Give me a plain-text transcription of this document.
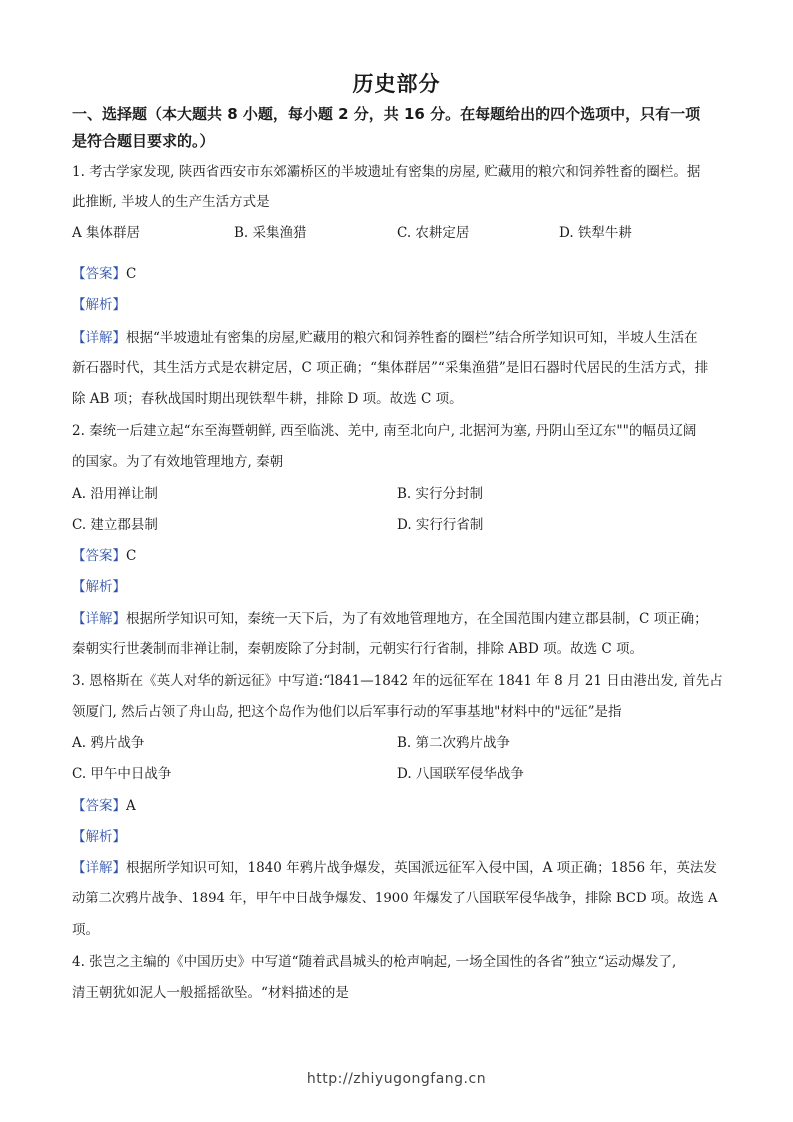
历史部分
一、选择题（本大题共 8 小题，每小题 2 分，共 16 分。在每题给出的四个选项中，只有一项
是符合题目要求的。）
1. 考古学家发现, 陕西省西安市东郊灞桥区的半坡遗址有密集的房屋, 贮藏用的粮穴和饲养牲畜的圈栏。据
此推断, 半坡人的生产生活方式是
A 集体群居	B. 采集渔猎	C. 农耕定居	D. 铁犁牛耕
【答案】C
【解析】
【详解】根据“半坡遗址有密集的房屋,贮藏用的粮穴和饲养牲畜的圈栏”结合所学知识可知，半坡人生活在
新石器时代，其生活方式是农耕定居，C 项正确；“集体群居”“采集渔猎”是旧石器时代居民的生活方式，排
除 AB 项；春秋战国时期出现铁犁牛耕，排除 D 项。故选 C 项。
2. 秦统一后建立起“东至海暨朝鲜, 西至临洮、羌中, 南至北向户, 北据河为塞, 丹阴山至辽东""的幅员辽阔
的国家。为了有效地管理地方, 秦朝
A. 沿用禅让制	B. 实行分封制
C. 建立郡县制	D. 实行行省制
【答案】C
【解析】
【详解】根据所学知识可知，秦统一天下后，为了有效地管理地方，在全国范围内建立郡县制，C 项正确；
秦朝实行世袭制而非禅让制，秦朝废除了分封制，元朝实行行省制，排除 ABD 项。故选 C 项。
3. 恩格斯在《英人对华的新远征》中写道:“l841—1842 年的远征军在 1841 年 8 月 21 日由港出发, 首先占
领厦门, 然后占领了舟山岛, 把这个岛作为他们以后军事行动的军事基地"材料中的"远征”是指
A. 鸦片战争	B. 第二次鸦片战争
C. 甲午中日战争	D. 八国联军侵华战争
【答案】A
【解析】
【详解】根据所学知识可知，1840 年鸦片战争爆发，英国派远征军入侵中国，A 项正确；1856 年，英法发
动第二次鸦片战争、1894 年，甲午中日战争爆发、1900 年爆发了八国联军侵华战争，排除 BCD 项。故选 A
项。
4. 张岂之主编的《中国历史》中写道“随着武昌城头的枪声响起, 一场全国性的各省”独立“运动爆发了,
清王朝犹如泥人一般摇摇欲坠。“材料描述的是
http://zhiyugongfang.cn
